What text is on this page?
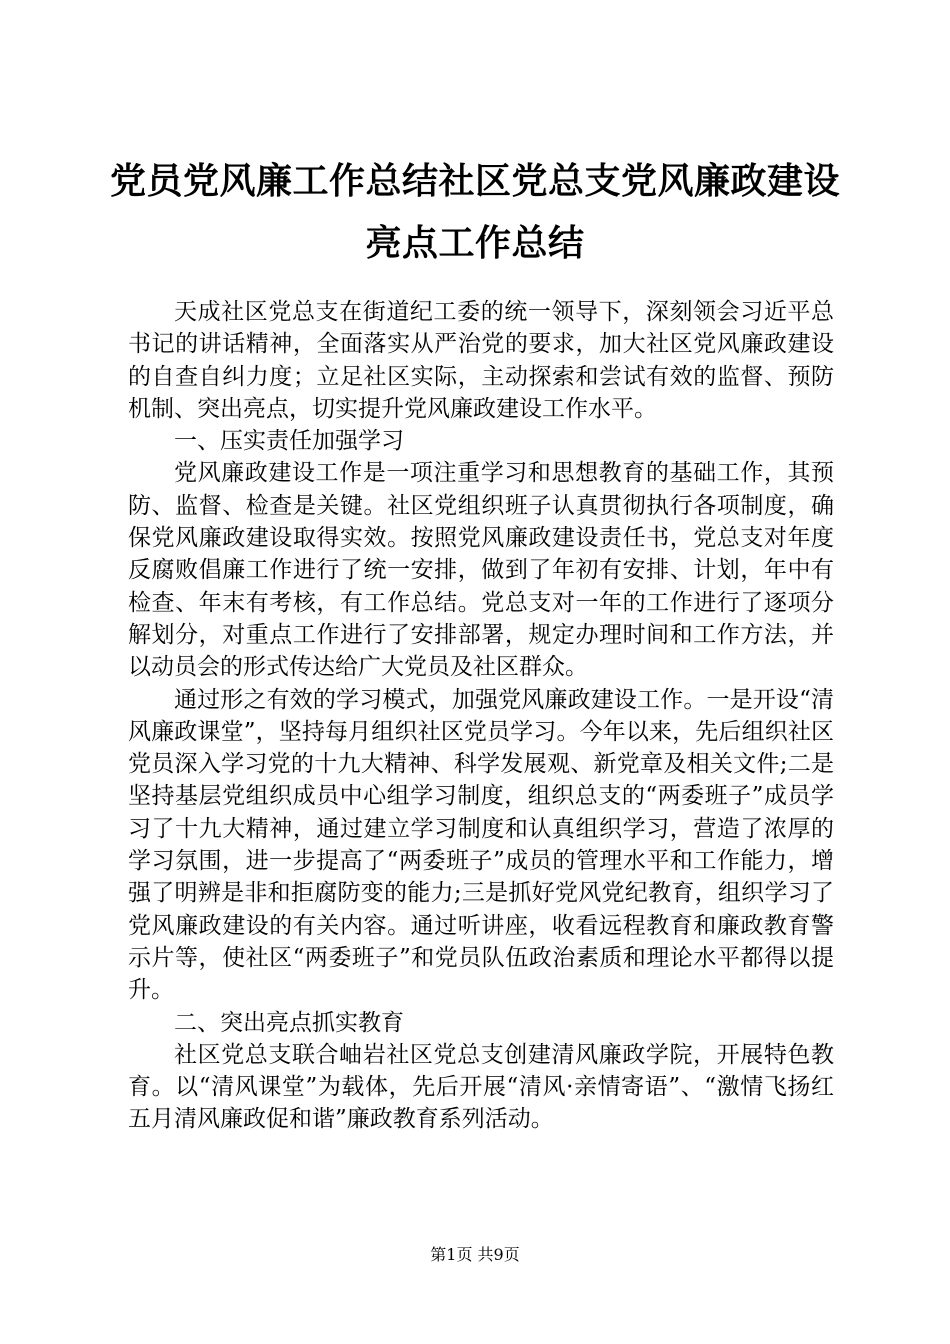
党员党风廉工作总结社区党总支党风廉政建设
亮点工作总结

天成社区党总支在街道纪工委的统一领导下，深刻领会习近平总书记的讲话精神，全面落实从严治党的要求，加大社区党风廉政建设的自查自纠力度；立足社区实际，主动探索和尝试有效的监督、预防机制、突出亮点，切实提升党风廉政建设工作水平。

一、压实责任加强学习

党风廉政建设工作是一项注重学习和思想教育的基础工作，其预防、监督、检查是关键。社区党组织班子认真贯彻执行各项制度，确保党风廉政建设取得实效。按照党风廉政建设责任书，党总支对年度反腐败倡廉工作进行了统一安排，做到了年初有安排、计划，年中有检查、年末有考核，有工作总结。党总支对一年的工作进行了逐项分解划分，对重点工作进行了安排部署，规定办理时间和工作方法，并以动员会的形式传达给广大党员及社区群众。

通过形之有效的学习模式，加强党风廉政建设工作。一是开设“清风廉政课堂”，坚持每月组织社区党员学习。今年以来，先后组织社区党员深入学习党的十九大精神、科学发展观、新党章及相关文件;二是坚持基层党组织成员中心组学习制度，组织总支的“两委班子”成员学习了十九大精神，通过建立学习制度和认真组织学习，营造了浓厚的学习氛围，进一步提高了“两委班子”成员的管理水平和工作能力，增强了明辨是非和拒腐防变的能力;三是抓好党风党纪教育，组织学习了党风廉政建设的有关内容。通过听讲座，收看远程教育和廉政教育警示片等，使社区“两委班子”和党员队伍政治素质和理论水平都得以提升。

二、突出亮点抓实教育

社区党总支联合岫岩社区党总支创建清风廉政学院，开展特色教育。以“清风课堂”为载体，先后开展“清风·亲情寄语”、“激情飞扬红五月清风廉政促和谐”廉政教育系列活动。

第1页 共9页
